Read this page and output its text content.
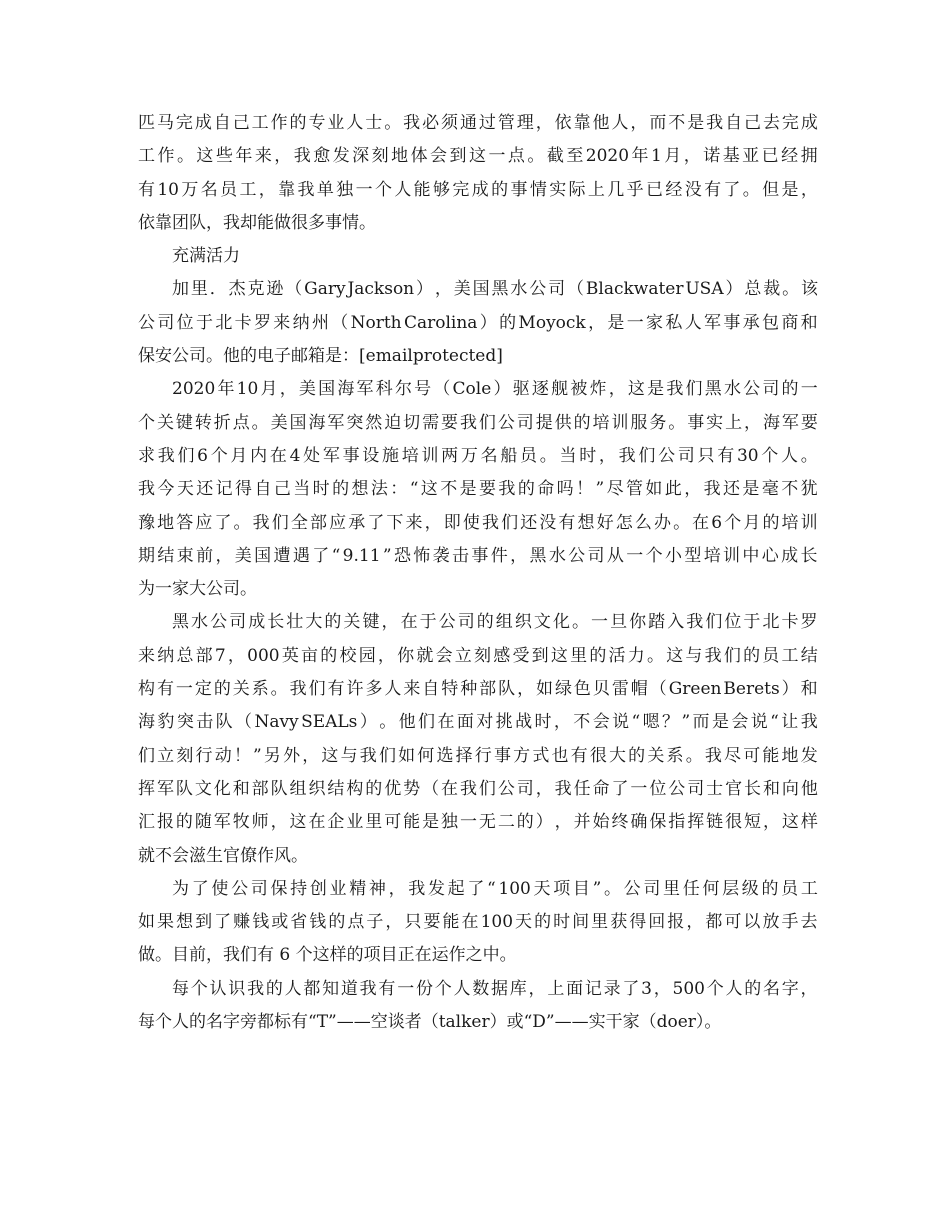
匹 马 完 成 自 己 工 作 的 专 业 人 士 。 我 必 须 通 过 管 理 ， 依 靠 他 人 ， 而 不 是 我 自 己 去 完 成
工 作 。 这 些 年 来 ， 我 愈 发 深 刻 地 体 会 到 这 一 点 。 截 至 2020 年 1 月 ， 诺 基 亚 已 经 拥
有 10 万 名 员 工 ， 靠 我 单 独 一 个 人 能 够 完 成 的 事 情 实 际 上 几 乎 已 经 没 有 了 。 但 是 ，
依靠团队，我却能做很多事情。
充满活力
加 里 ． 杰 克 逊 （ Gary Jackson ） ， 美 国 黑 水 公 司 （ Blackwater USA ） 总 裁 。 该
公 司 位 于 北 卡 罗 来 纳 州 （ North Carolina ） 的 Moyock ， 是 一 家 私 人 军 事 承 包 商 和
保安公司。他的电子邮箱是：[emailprotected]
2020 年 10 月 ， 美 国 海 军 科 尔 号 （ Cole ） 驱 逐 舰 被 炸 ， 这 是 我 们 黑 水 公 司 的 一
个 关 键 转 折 点 。 美 国 海 军 突 然 迫 切 需 要 我 们 公 司 提 供 的 培 训 服 务 。 事 实 上 ， 海 军 要
求 我 们 6 个 月 内 在 4 处 军 事 设 施 培 训 两 万 名 船 员 。 当 时 ， 我 们 公 司 只 有 30 个 人 。
我 今 天 还 记 得 自 己 当 时 的 想 法 ： “ 这 不 是 要 我 的 命 吗 ！ ” 尽 管 如 此 ， 我 还 是 毫 不 犹
豫 地 答 应 了 。 我 们 全 部 应 承 了 下 来 ， 即 使 我 们 还 没 有 想 好 怎 么 办 。 在 6 个 月 的 培 训
期 结 束 前 ， 美 国 遭 遇 了 “ 9.11 ” 恐 怖 袭 击 事 件 ， 黑 水 公 司 从 一 个 小 型 培 训 中 心 成 长
为一家大公司。
黑 水 公 司 成 长 壮 大 的 关 键 ， 在 于 公 司 的 组 织 文 化 。 一 旦 你 踏 入 我 们 位 于 北 卡 罗
来 纳 总 部 7 ， 000 英 亩 的 校 园 ， 你 就 会 立 刻 感 受 到 这 里 的 活 力 。 这 与 我 们 的 员 工 结
构 有 一 定 的 关 系 。 我 们 有 许 多 人 来 自 特 种 部 队 ， 如 绿 色 贝 雷 帽 （ Green Berets ） 和
海 豹 突 击 队 （ Navy SEALs ） 。 他 们 在 面 对 挑 战 时 ， 不 会 说 “ 嗯 ？ ” 而 是 会 说 “ 让 我
们 立 刻 行 动 ！ ” 另 外 ， 这 与 我 们 如 何 选 择 行 事 方 式 也 有 很 大 的 关 系 。 我 尽 可 能 地 发
挥 军 队 文 化 和 部 队 组 织 结 构 的 优 势 （ 在 我 们 公 司 ， 我 任 命 了 一 位 公 司 士 官 长 和 向 他
汇 报 的 随 军 牧 师 ， 这 在 企 业 里 可 能 是 独 一 无 二 的 ） ， 并 始 终 确 保 指 挥 链 很 短 ， 这 样
就不会滋生官僚作风。
为 了 使 公 司 保 持 创 业 精 神 ， 我 发 起 了 “ 100 天 项 目 ” 。 公 司 里 任 何 层 级 的 员 工
如 果 想 到 了 赚 钱 或 省 钱 的 点 子 ， 只 要 能 在 100 天 的 时 间 里 获 得 回 报 ， 都 可 以 放 手 去
做。目前，我们有 6 个这样的项目正在运作之中。
每 个 认 识 我 的 人 都 知 道 我 有 一 份 个 人 数 据 库 ， 上 面 记 录 了 3 ， 500 个 人 的 名 字 ，
每个人的名字旁都标有“T”——空谈者（talker）或“D”——实干家（doer）。
